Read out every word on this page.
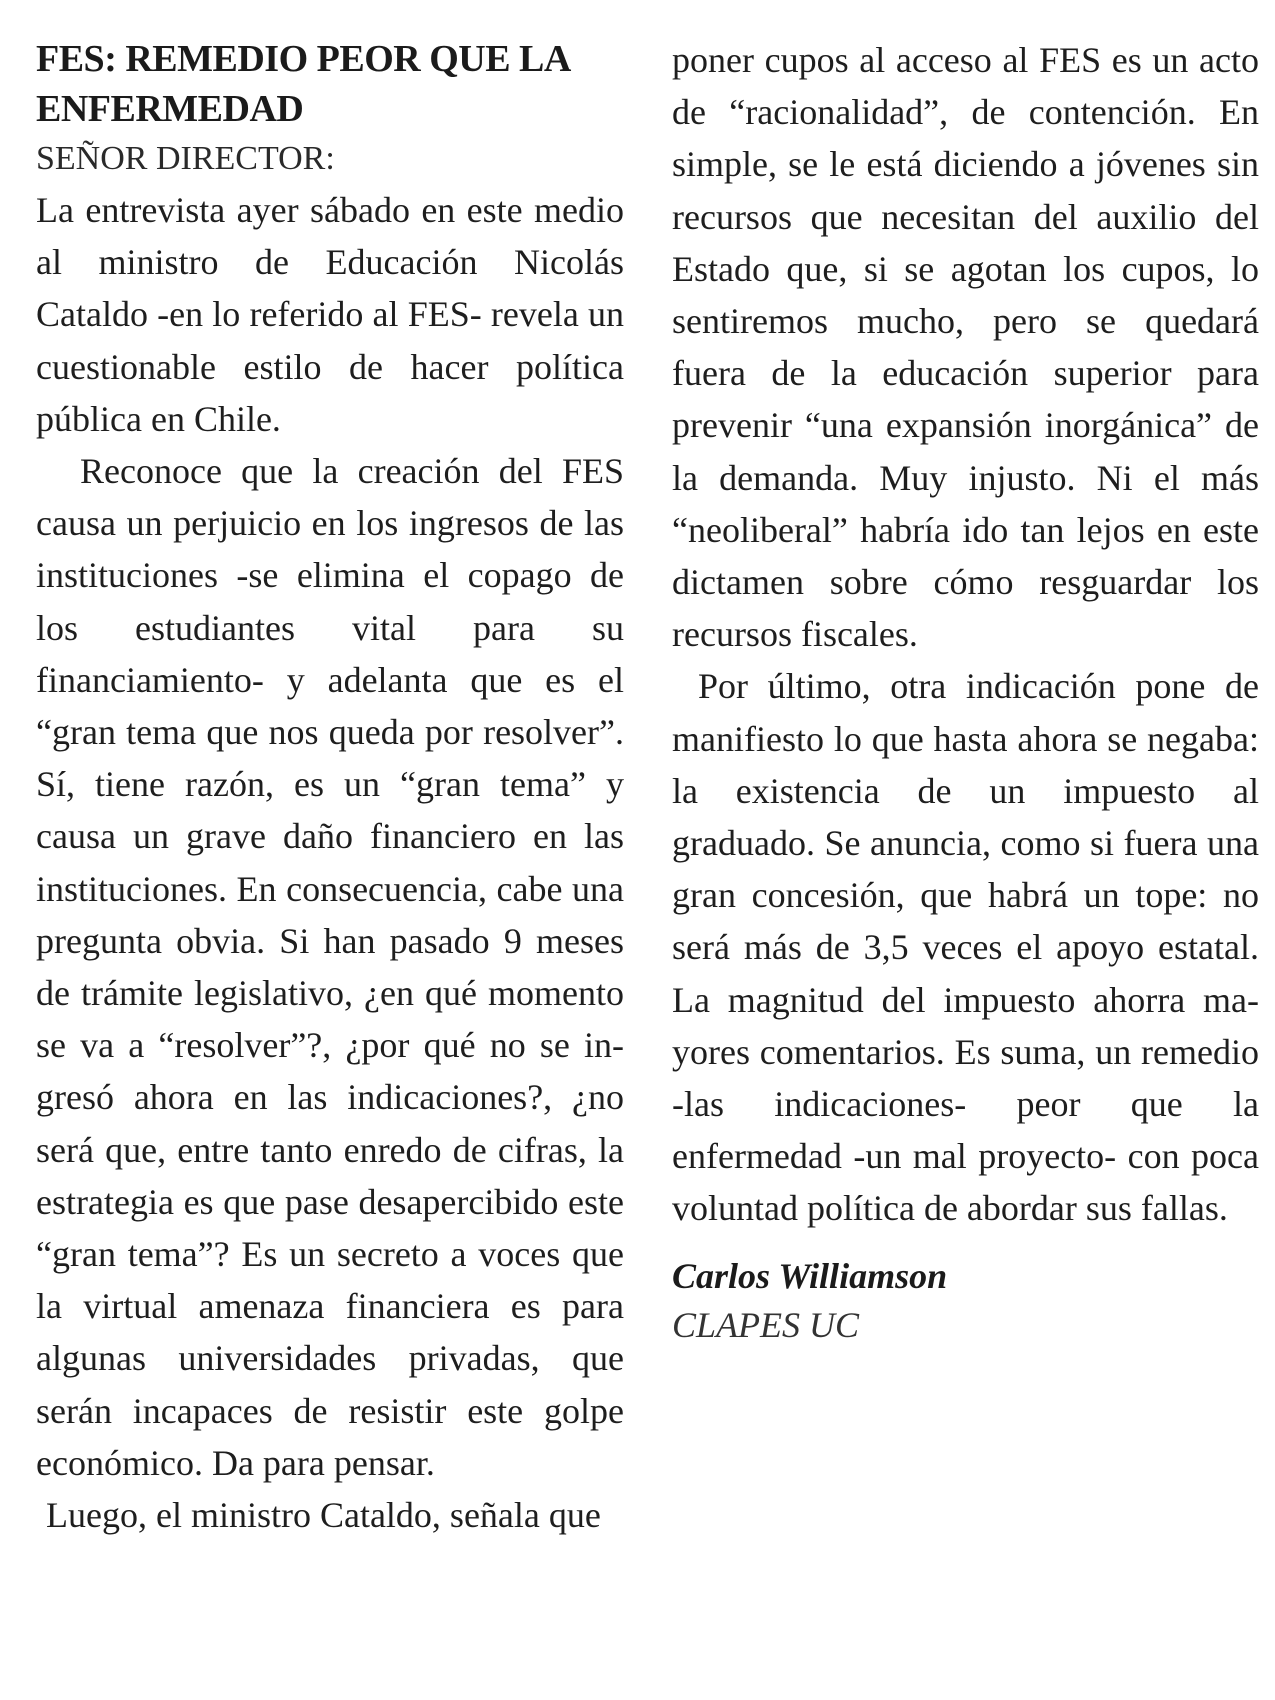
FES: REMEDIO PEOR QUE LA ENFERMEDAD

SEÑOR DIRECTOR:

La entrevista ayer sábado en este medio al ministro de Educación Nicolás Cataldo -en lo referido al FES- revela un cuestionable estilo de hacer política pública en Chile.

Reconoce que la creación del FES causa un perjuicio en los ingresos de las instituciones -se elimina el copago de los estudiantes vital para su financiamiento- y adelanta que es el “gran tema que nos queda por resolver”. Sí, tiene razón, es un “gran tema” y causa un grave daño financiero en las instituciones. En consecuencia, cabe una pregunta obvia. Si han pasado 9 meses de trámite legislativo, ¿en qué momento se va a “resolver”?, ¿por qué no se ingresó ahora en las indicaciones?, ¿no será que, entre tanto enredo de cifras, la estrategia es que pase desapercibido este “gran tema”? Es un secreto a voces que la virtual amenaza financiera es para algunas universidades privadas, que serán incapaces de resistir este golpe económico. Da para pensar.

Luego, el ministro Cataldo, señala que

poner cupos al acceso al FES es un acto de “racionalidad”, de contención. En simple, se le está diciendo a jóvenes sin recursos que necesitan del auxilio del Estado que, si se agotan los cupos, lo sentiremos mucho, pero se quedará fuera de la educación superior para prevenir “una expansión inorgánica” de la demanda. Muy injusto. Ni el más “neoliberal” habría ido tan lejos en este dictamen sobre cómo resguardar los recursos fiscales.

Por último, otra indicación pone de manifiesto lo que hasta ahora se negaba: la existencia de un impuesto al graduado. Se anuncia, como si fuera una gran concesión, que habrá un tope: no será más de 3,5 veces el apoyo estatal. La magnitud del impuesto ahorra mayores comentarios. Es suma, un remedio -las indicaciones- peor que la enfermedad -un mal proyecto- con poca voluntad política de abordar sus fallas.

Carlos Williamson

CLAPES UC
